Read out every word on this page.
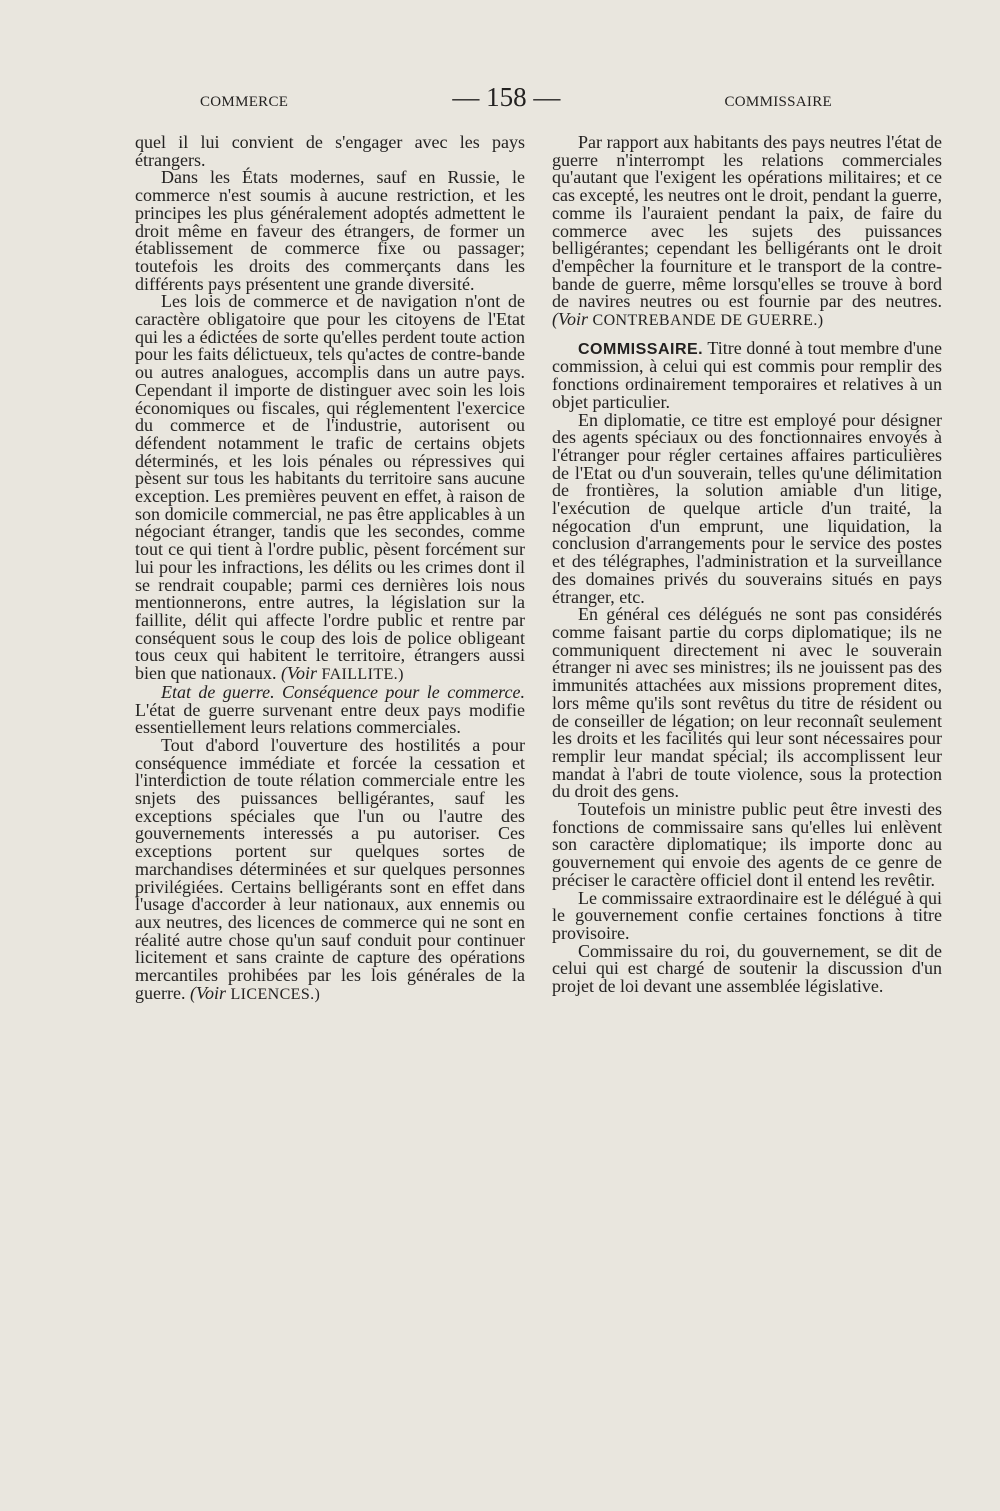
COMMERCE	— 158 —	COMMISSAIRE

quel il lui convient de s'engager avec les pays étrangers.

Dans les États modernes, sauf en Russie, le commerce n'est soumis à aucune restriction, et les principes les plus généralement adoptés admettent le droit même en faveur des étrangers, de former un établissement de commerce fixe ou passager; toutefois les droits des commerçants dans les différents pays présentent une grande diversité.

Les lois de commerce et de navigation n'ont de caractère obligatoire que pour les citoyens de l'Etat qui les a édictées de sorte qu'elles perdent toute action pour les faits délictueux, tels qu'actes de contre-bande ou autres analogues, accomplis dans un autre pays. Cependant il importe de distinguer avec soin les lois économiques ou fiscales, qui réglementent l'exercice du commerce et de l'industrie, autorisent ou défendent notamment le trafic de certains objets déterminés, et les lois pénales ou répressives qui pèsent sur tous les habitants du territoire sans aucune exception. Les premières peuvent en effet, à raison de son domicile commercial, ne pas être applicables à un négociant étranger, tandis que les secondes, comme tout ce qui tient à l'ordre public, pèsent forcément sur lui pour les infractions, les délits ou les crimes dont il se rendrait coupable; parmi ces dernières lois nous mentionnerons, entre autres, la législation sur la faillite, délit qui affecte l'ordre public et rentre par conséquent sous le coup des lois de police obligeant tous ceux qui habitent le territoire, étrangers aussi bien que nationaux. (Voir FAILLITE.)

Etat de guerre. Conséquence pour le commerce. L'état de guerre survenant entre deux pays modifie essentiellement leurs relations commerciales.

Tout d'abord l'ouverture des hostilités a pour conséquence immédiate et forcée la cessation et l'interdiction de toute rélation commerciale entre les snjets des puissances belligérantes, sauf les exceptions spéciales que l'un ou l'autre des gouvernements interessés a pu autoriser. Ces exceptions portent sur quelques sortes de marchandises déterminées et sur quelques personnes privilégiées. Certains belligérants sont en effet dans l'usage d'accorder à leur nationaux, aux ennemis ou aux neutres, des licences de commerce qui ne sont en réalité autre chose qu'un sauf conduit pour continuer licitement et sans crainte de capture des opérations mercantiles prohibées par les lois générales de la guerre. (Voir LICENCES.)

Par rapport aux habitants des pays neutres l'état de guerre n'interrompt les relations commerciales qu'autant que l'exigent les opérations militaires; et ce cas excepté, les neutres ont le droit, pendant la guerre, comme ils l'auraient pendant la paix, de faire du commerce avec les sujets des puissances belligérantes; cependant les belligérants ont le droit d'empêcher la fourniture et le transport de la contre-bande de guerre, même lorsqu'elles se trouve à bord de navires neutres ou est fournie par des neutres. (Voir CONTREBANDE DE GUERRE.)

COMMISSAIRE. Titre donné à tout membre d'une commission, à celui qui est commis pour remplir des fonctions ordinairement temporaires et relatives à un objet particulier.

En diplomatie, ce titre est employé pour désigner des agents spéciaux ou des fonctionnaires envoyés à l'étranger pour régler certaines affaires particulières de l'Etat ou d'un souverain, telles qu'une délimitation de frontières, la solution amiable d'un litige, l'exécution de quelque article d'un traité, la négocation d'un emprunt, une liquidation, la conclusion d'arrangements pour le service des postes et des télégraphes, l'administration et la surveillance des domaines privés du souverains situés en pays étranger, etc.

En général ces délégués ne sont pas considérés comme faisant partie du corps diplomatique; ils ne communiquent directement ni avec le souverain étranger ni avec ses ministres; ils ne jouissent pas des immunités attachées aux missions proprement dites, lors même qu'ils sont revêtus du titre de résident ou de conseiller de légation; on leur reconnaît seulement les droits et les facilités qui leur sont nécessaires pour remplir leur mandat spécial; ils accomplissent leur mandat à l'abri de toute violence, sous la protection du droit des gens.

Toutefois un ministre public peut être investi des fonctions de commissaire sans qu'elles lui enlèvent son caractère diplomatique; ils importe donc au gouvernement qui envoie des agents de ce genre de préciser le caractère officiel dont il entend les revêtir.

Le commissaire extraordinaire est le délégué à qui le gouvernement confie certaines fonctions à titre provisoire.

Commissaire du roi, du gouvernement, se dit de celui qui est chargé de soutenir la discussion d'un projet de loi devant une assemblée législative.
